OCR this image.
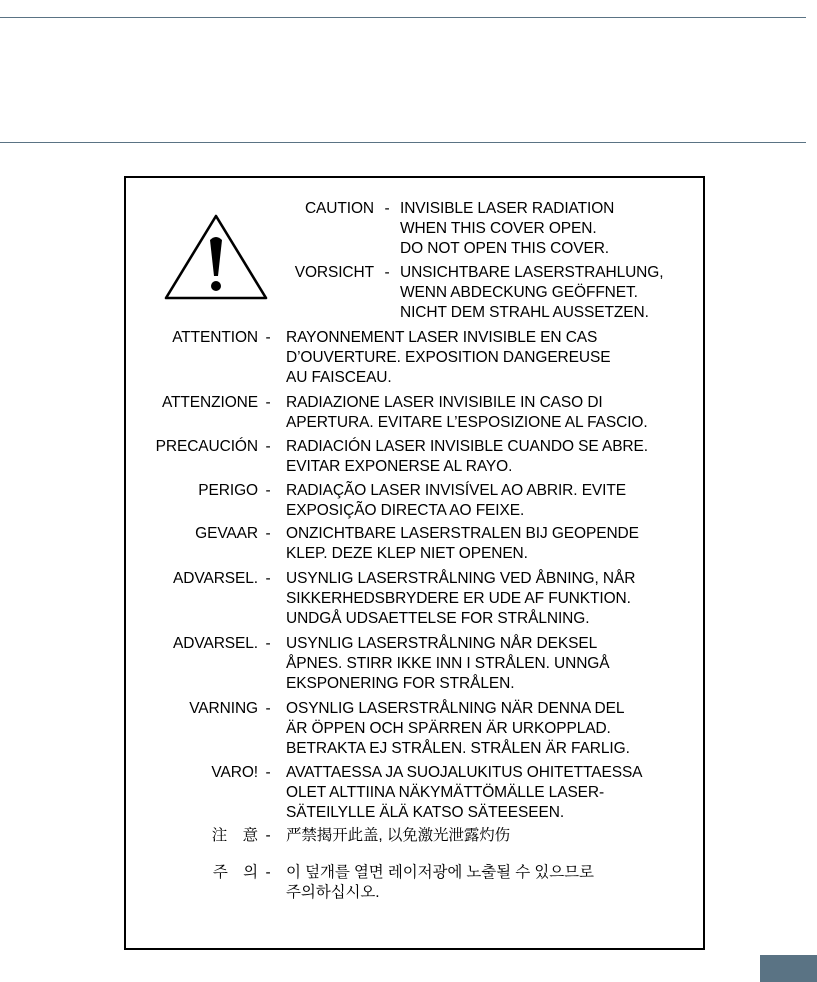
CAUTION - INVISIBLE LASER RADIATION
WHEN THIS COVER OPEN.
DO NOT OPEN THIS COVER.
VORSICHT - UNSICHTBARE LASERSTRAHLUNG,
WENN ABDECKUNG GEÖFFNET.
NICHT DEM STRAHL AUSSETZEN.
ATTENTION - RAYONNEMENT LASER INVISIBLE EN CAS
D’OUVERTURE. EXPOSITION DANGEREUSE
AU FAISCEAU.
ATTENZIONE - RADIAZIONE LASER INVISIBILE IN CASO DI
APERTURA. EVITARE L’ESPOSIZIONE AL FASCIO.
PRECAUCIÓN - RADIACIÓN LASER INVISIBLE CUANDO SE ABRE.
EVITAR EXPONERSE AL RAYO.
PERIGO - RADIAÇÃO LASER INVISÍVEL AO ABRIR. EVITE
EXPOSIÇÃO DIRECTA AO FEIXE.
GEVAAR - ONZICHTBARE LASERSTRALEN BIJ GEOPENDE
KLEP. DEZE KLEP NIET OPENEN.
ADVARSEL. - USYNLIG LASERSTRÅLNING VED ÅBNING, NÅR
SIKKERHEDSBRYDERE ER UDE AF FUNKTION.
UNDGÅ UDSAETTELSE FOR STRÅLNING.
ADVARSEL. - USYNLIG LASERSTRÅLNING NÅR DEKSEL
ÅPNES. STIRR IKKE INN I STRÅLEN. UNNGÅ
EKSPONERING FOR STRÅLEN.
VARNING - OSYNLIG LASERSTRÅLNING NÄR DENNA DEL
ÄR ÖPPEN OCH SPÄRREN ÄR URKOPPLAD.
BETRAKTA EJ STRÅLEN. STRÅLEN ÄR FARLIG.
VARO! - AVATTAESSA JA SUOJALUKITUS OHITETTAESSA
OLET ALTTIINA NÄKYMÄTTÖMÄLLE LASER-
SÄTEILYLLE ÄLÄ KATSO SÄTEESEEN.
注　意 - 严禁揭开此盖, 以免激光泄露灼伤
주　의 - 이 덮개를 열면 레이저광에 노출될 수 있으므로
주의하십시오.
